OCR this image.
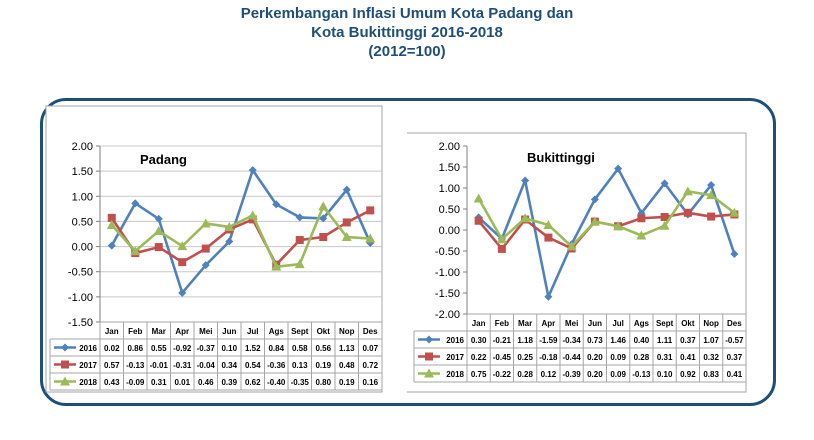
Perkembangan Inflasi Umum Kota Padang dan
Kota Bukittinggi 2016-2018
(2012=100)
2.00
1.50
1.00
0.50
0.00
-0.50
-1.00
-1.50
Padang
Jan Feb Mar Apr Mei Jun Jul Ags Sept Okt Nop Des
2016 0.02 0.86 0.55 -0.92 -0.37 0.10 1.52 0.84 0.58 0.56 1.13 0.07
2017 0.57 -0.13 -0.01 -0.31 -0.04 0.34 0.54 -0.36 0.13 0.19 0.48 0.72
2018 0.43 -0.09 0.31 0.01 0.46 0.39 0.62 -0.40 -0.35 0.80 0.19 0.16
2.00
1.50
1.00
0.50
0.00
-0.50
-1.00
-1.50
-2.00
Bukittinggi
Jan Feb Mar Apr Mei Jun Jul Ags Sept Okt Nop Des
2016 0.30 -0.21 1.18 -1.59 -0.34 0.73 1.46 0.40 1.11 0.37 1.07 -0.57
2017 0.22 -0.45 0.25 -0.18 -0.44 0.20 0.09 0.28 0.31 0.41 0.32 0.37
2018 0.75 -0.22 0.28 0.12 -0.39 0.20 0.09 -0.13 0.10 0.92 0.83 0.41
